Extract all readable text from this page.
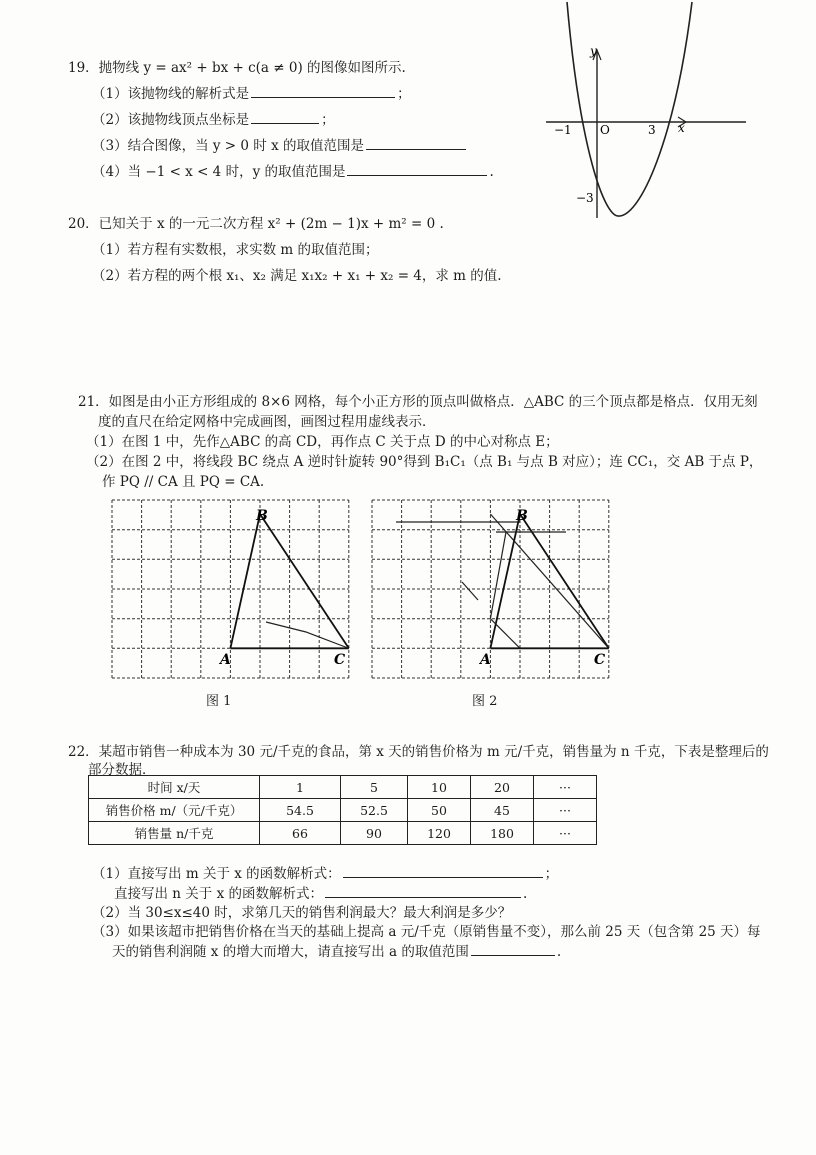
19．抛物线 y = ax² + bx + c(a ≠ 0) 的图像如图所示.
（1）该抛物线的解析式是	；
（2）该抛物线顶点坐标是	；
（3）结合图像，当 y > 0 时 x 的取值范围是
（4）当 −1 < x < 4 时，y 的取值范围是	.
y
x
O
−1	3
−3
20．已知关于 x 的一元二次方程 x² + (2m − 1)x + m² = 0 .
（1）若方程有实数根，求实数 m 的取值范围；
（2）若方程的两个根 x₁、x₂ 满足 x₁x₂ + x₁ + x₂ = 4，求 m 的值.
21．如图是由小正方形组成的 8×6 网格，每个小正方形的顶点叫做格点．△ABC 的三个顶点都是格点．仅用无刻
度的直尺在给定网格中完成画图，画图过程用虚线表示．
（1）在图 1 中，先作△ABC 的高 CD，再作点 C 关于点 D 的中心对称点 E；
（2）在图 2 中，将线段 BC 绕点 A 逆时针旋转 90°得到 B₁C₁（点 B₁ 与点 B 对应）；连 CC₁，交 AB 于点 P，
作 PQ // CA 且 PQ = CA.
A
B
C
图 1
A
B
C
图 2
22．某超市销售一种成本为 30 元/千克的食品，第 x 天的销售价格为 m 元/千克，销售量为 n 千克，下表是整理后的
部分数据．
时间 x/天	1	5	10	20	···
销售价格 m/（元/千克）	54.5	52.5	50	45	···
销售量 n/千克	66	90	120	180	···
（1）直接写出 m 关于 x 的函数解析式：	；
直接写出 n 关于 x 的函数解析式：	.
（2）当 30≤x≤40 时，求第几天的销售利润最大？最大利润是多少？
（3）如果该超市把销售价格在当天的基础上提高 a 元/千克（原销售量不变），那么前 25 天（包含第 25 天）每
天的销售利润随 x 的增大而增大，请直接写出 a 的取值范围	.
